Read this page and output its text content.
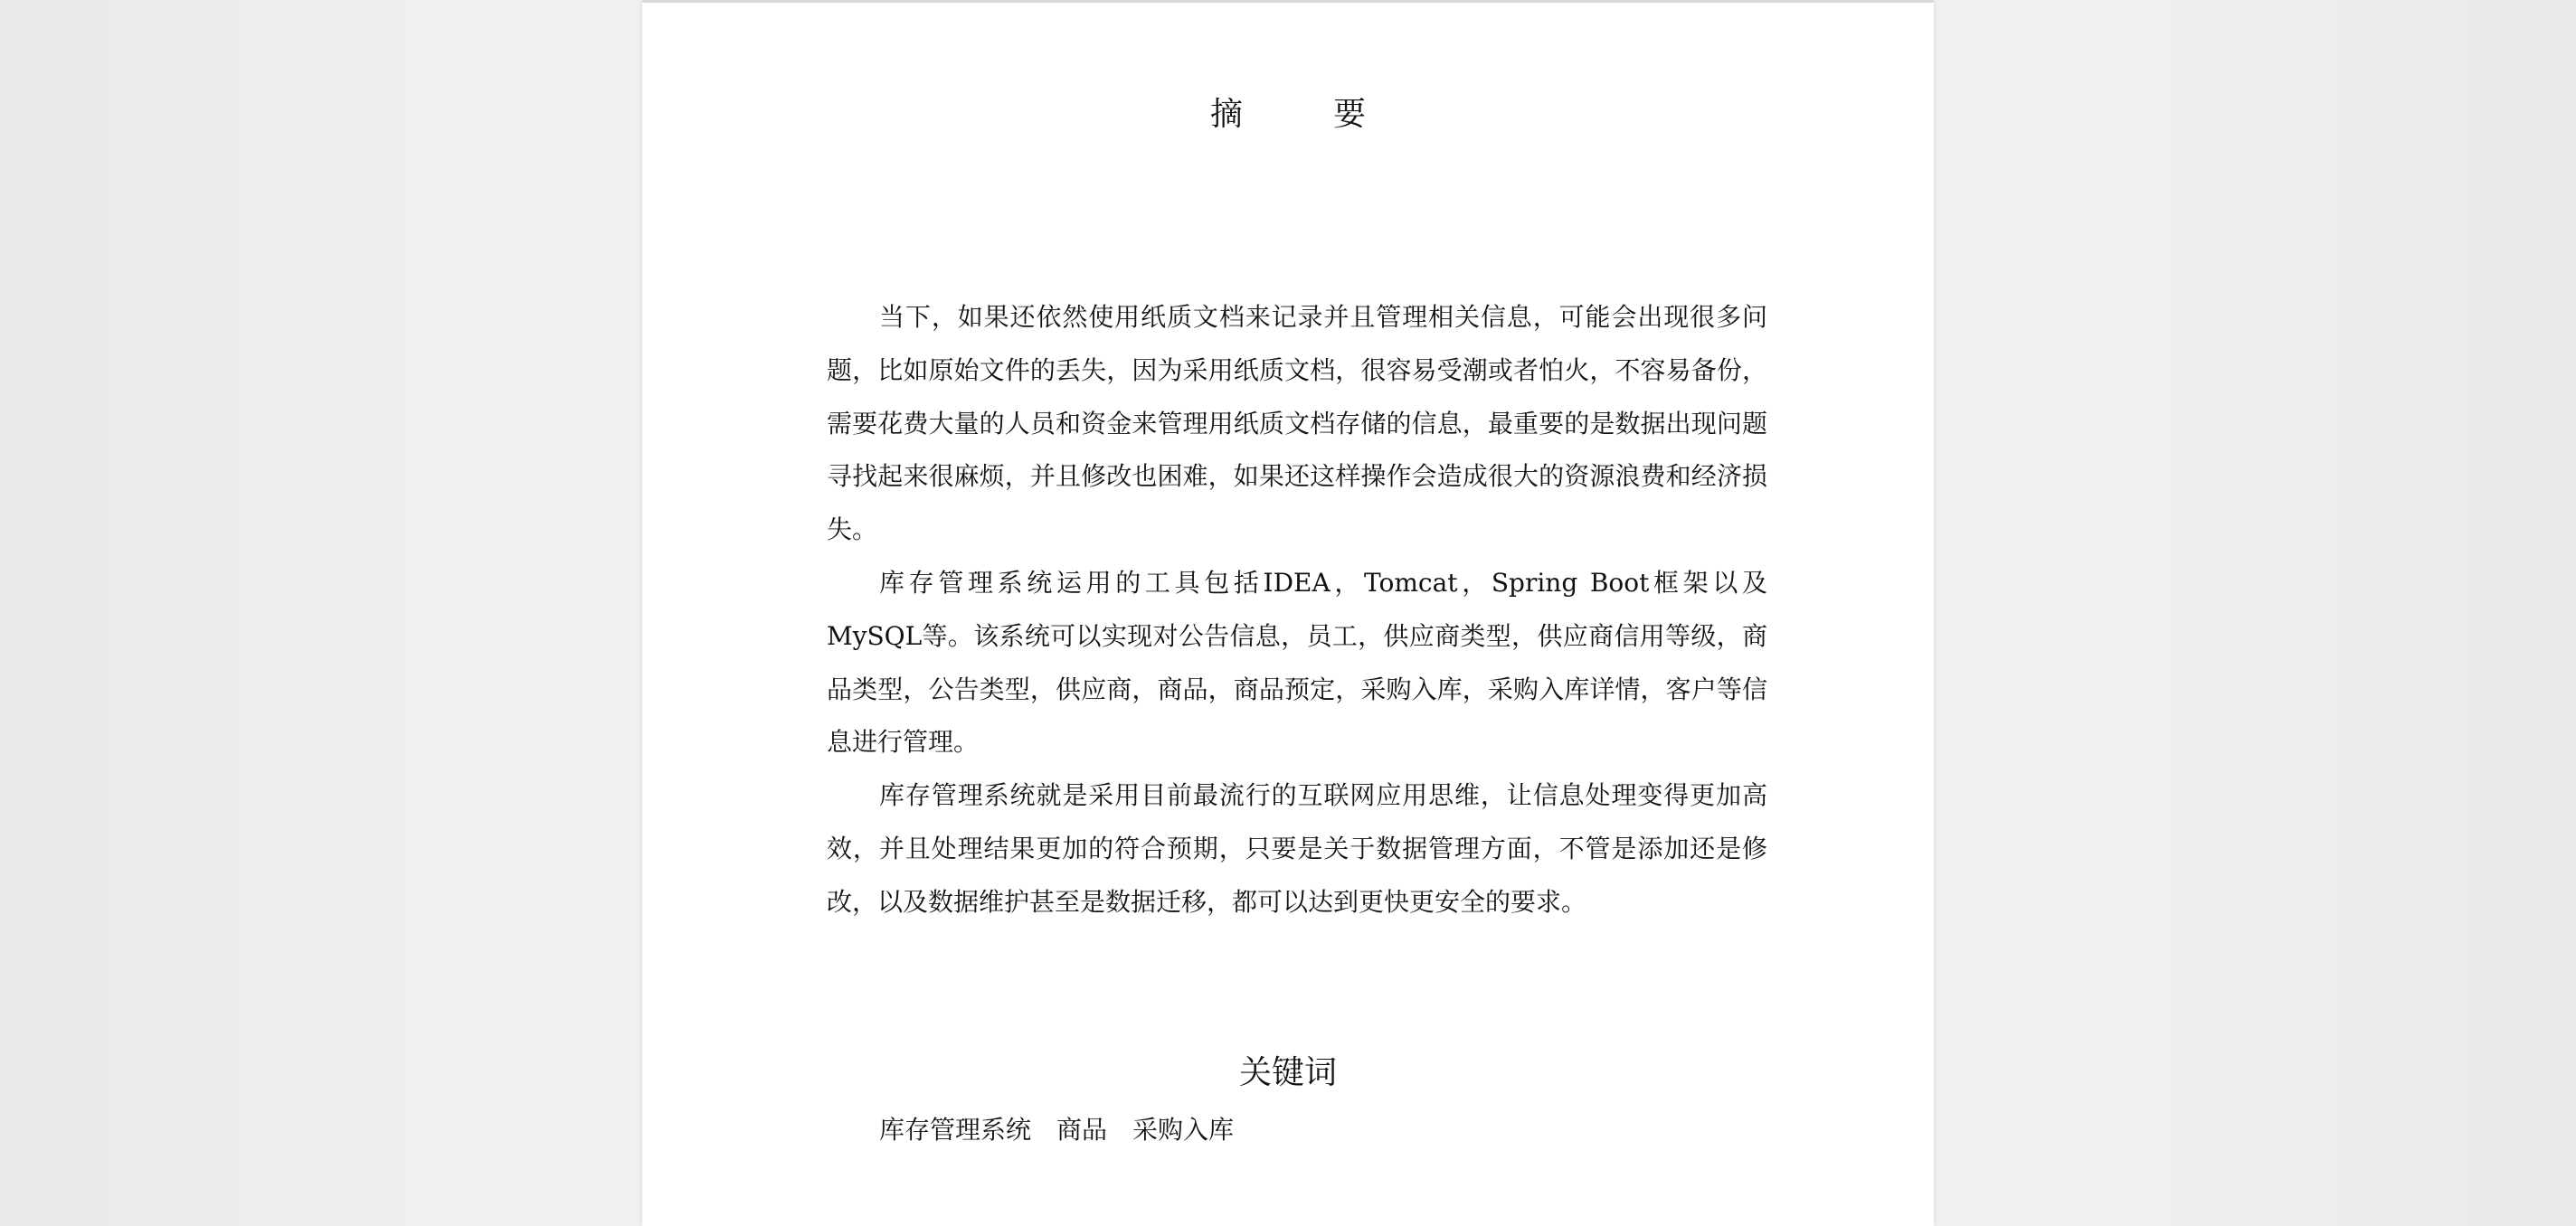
摘　要

当下，如果还依然使用纸质文档来记录并且管理相关信息，可能会出现很多问题，比如原始文件的丢失，因为采用纸质文档，很容易受潮或者怕火，不容易备份，需要花费大量的人员和资金来管理用纸质文档存储的信息，最重要的是数据出现问题寻找起来很麻烦，并且修改也困难，如果还这样操作会造成很大的资源浪费和经济损失。

库存管理系统运用的工具包括IDEA，Tomcat，Spring Boot框架以及MySQL等。该系统可以实现对公告信息，员工，供应商类型，供应商信用等级，商品类型，公告类型，供应商，商品，商品预定，采购入库，采购入库详情，客户等信息进行管理。

库存管理系统就是采用目前最流行的互联网应用思维，让信息处理变得更加高效，并且处理结果更加的符合预期，只要是关于数据管理方面，不管是添加还是修改，以及数据维护甚至是数据迁移，都可以达到更快更安全的要求。

关键词
库存管理系统 商品 采购入库
